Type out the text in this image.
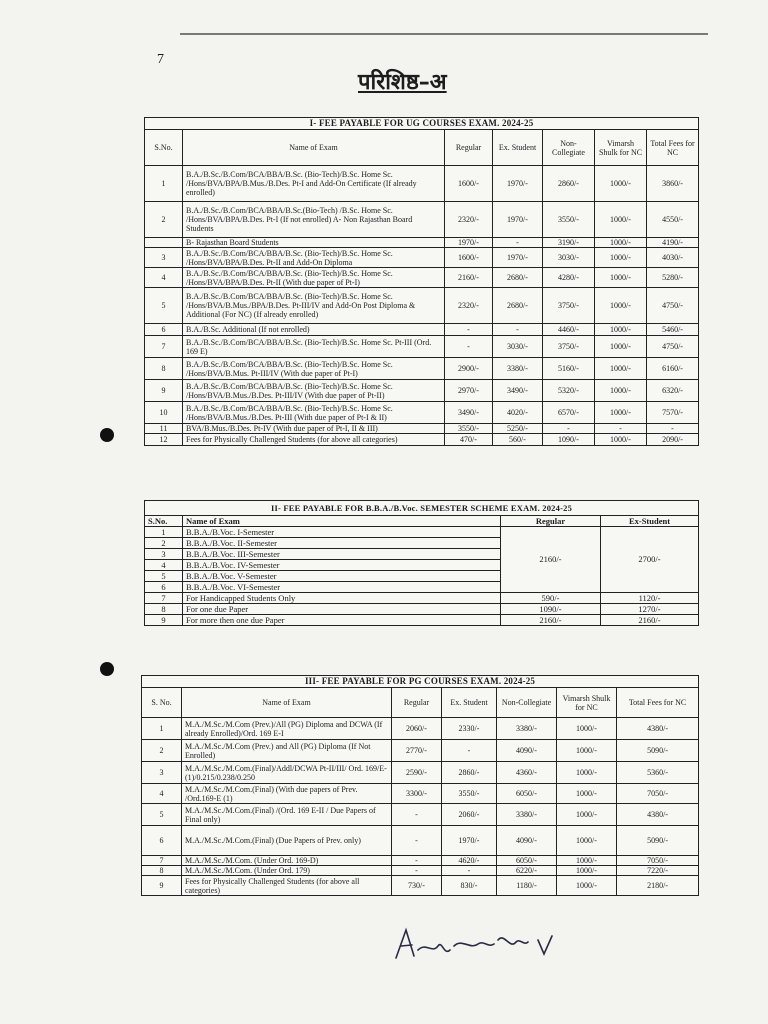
7
परिशिष्ठ–अ
I- FEE PAYABLE FOR UG COURSES EXAM. 2024-25						
S.No.	Name of Exam	Regular	Ex. Student	Non-Collegiate	Vimarsh Shulk for NC	Total Fees for NC
1	B.A./B.Sc./B.Com/BCA/BBA/B.Sc. (Bio-Tech)/B.Sc. Home Sc. /Hons/BVA/BPA/B.Mus./B.Des. Pt-I and Add-On Certificate (If already enrolled)	1600/-	1970/-	2860/-	1000/-	3860/-
2	B.A./B.Sc./B.Com/BCA/BBA/B.Sc.(Bio-Tech) /B.Sc. Home Sc. /Hons/BVA/BPA/B.Des. Pt-I (If not enrolled) A- Non Rajasthan Board Students	2320/-	1970/-	3550/-	1000/-	4550/-
	B- Rajasthan Board Students	1970/-	-	3190/-	1000/-	4190/-
3	B.A./B.Sc./B.Com/BCA/BBA/B.Sc. (Bio-Tech)/B.Sc. Home Sc. /Hons/BVA/BPA/B.Des. Pt-II and Add-On Diploma	1600/-	1970/-	3030/-	1000/-	4030/-
4	B.A./B.Sc./B.Com/BCA/BBA/B.Sc. (Bio-Tech)/B.Sc. Home Sc. /Hons/BVA/BPA/B.Des. Pt-II (With due paper of Pt-I)	2160/-	2680/-	4280/-	1000/-	5280/-
5	B.A./B.Sc./B.Com/BCA/BBA/B.Sc. (Bio-Tech)/B.Sc. Home Sc. /Hons/BVA/B.Mus./BPA/B.Des. Pt-III/IV and Add-On Post Diploma & Additional (For NC) (If already enrolled)	2320/-	2680/-	3750/-	1000/-	4750/-
6	B.A./B.Sc. Additional (If not enrolled)	-	-	4460/-	1000/-	5460/-
7	B.A./B.Sc./B.Com/BCA/BBA/B.Sc. (Bio-Tech)/B.Sc. Home Sc. Pt-III (Ord. 169 E)	-	3030/-	3750/-	1000/-	4750/-
8	B.A./B.Sc./B.Com/BCA/BBA/B.Sc. (Bio-Tech)/B.Sc. Home Sc. /Hons/BVA/B.Mus. Pt-III/IV (With due paper of Pt-I)	2900/-	3380/-	5160/-	1000/-	6160/-
9	B.A./B.Sc./B.Com/BCA/BBA/B.Sc. (Bio-Tech)/B.Sc. Home Sc. /Hons/BVA/B.Mus./B.Des. Pt-III/IV (With due paper of Pt-II)	2970/-	3490/-	5320/-	1000/-	6320/-
10	B.A./B.Sc./B.Com/BCA/BBA/B.Sc. (Bio-Tech)/B.Sc. Home Sc. /Hons/BVA/B.Mus./B.Des. Pt-III (With due paper of Pt-I & II)	3490/-	4020/-	6570/-	1000/-	7570/-
11	BVA/B.Mus./B.Des. Pt-IV (With due paper of Pt-I, II & III)	3550/-	5250/-	-	-	-
12	Fees for Physically Challenged Students (for above all categories)	470/-	560/-	1090/-	1000/-	2090/-
II- FEE PAYABLE FOR B.B.A./B.Voc. SEMESTER SCHEME EXAM. 2024-25			
S.No.	Name of Exam	Regular	Ex-Student
1	B.B.A./B.Voc. I-Semester	2160/-	2700/-
2	B.B.A./B.Voc. II-Semester		
3	B.B.A./B.Voc. III-Semester		
4	B.B.A./B.Voc. IV-Semester		
5	B.B.A./B.Voc. V-Semester		
6	B.B.A./B.Voc. VI-Semester		
7	For Handicapped Students Only	590/-	1120/-
8	For one due Paper	1090/-	1270/-
9	For more then one due Paper	2160/-	2160/-
III- FEE PAYABLE FOR PG COURSES EXAM. 2024-25						
S. No.	Name of Exam	Regular	Ex. Student	Non-Collegiate	Vimarsh Shulk for NC	Total Fees for NC
1	M.A./M.Sc./M.Com (Prev.)/All (PG) Diploma and DCWA (If already Enrolled)/Ord. 169 E-I	2060/-	2330/-	3380/-	1000/-	4380/-
2	M.A./M.Sc./M.Com (Prev.) and All (PG) Diploma (If Not Enrolled)	2770/-	-	4090/-	1000/-	5090/-
3	M.A./M.Sc./M.Com.(Final)/Addl/DCWA Pt-II/III/ Ord. 169/E-(1)/0.215/0.238/0.250	2590/-	2860/-	4360/-	1000/-	5360/-
4	M.A./M.Sc./M.Com.(Final) (With due papers of Prev. /Ord.169-E (1)	3300/-	3550/-	6050/-	1000/-	7050/-
5	M.A./M.Sc./M.Com.(Final) /(Ord. 169 E-II / Due Papers of Final only)	-	2060/-	3380/-	1000/-	4380/-
6	M.A./M.Sc./M.Com.(Final) (Due Papers of Prev. only)	-	1970/-	4090/-	1000/-	5090/-
7	M.A./M.Sc./M.Com. (Under Ord. 169-D)	-	4620/-	6050/-	1000/-	7050/-
8	M.A./M.Sc./M.Com. (Under Ord. 179)	-	-	6220/-	1000/-	7220/-
9	Fees for Physically Challenged Students (for above all categories)	730/-	830/-	1180/-	1000/-	2180/-
